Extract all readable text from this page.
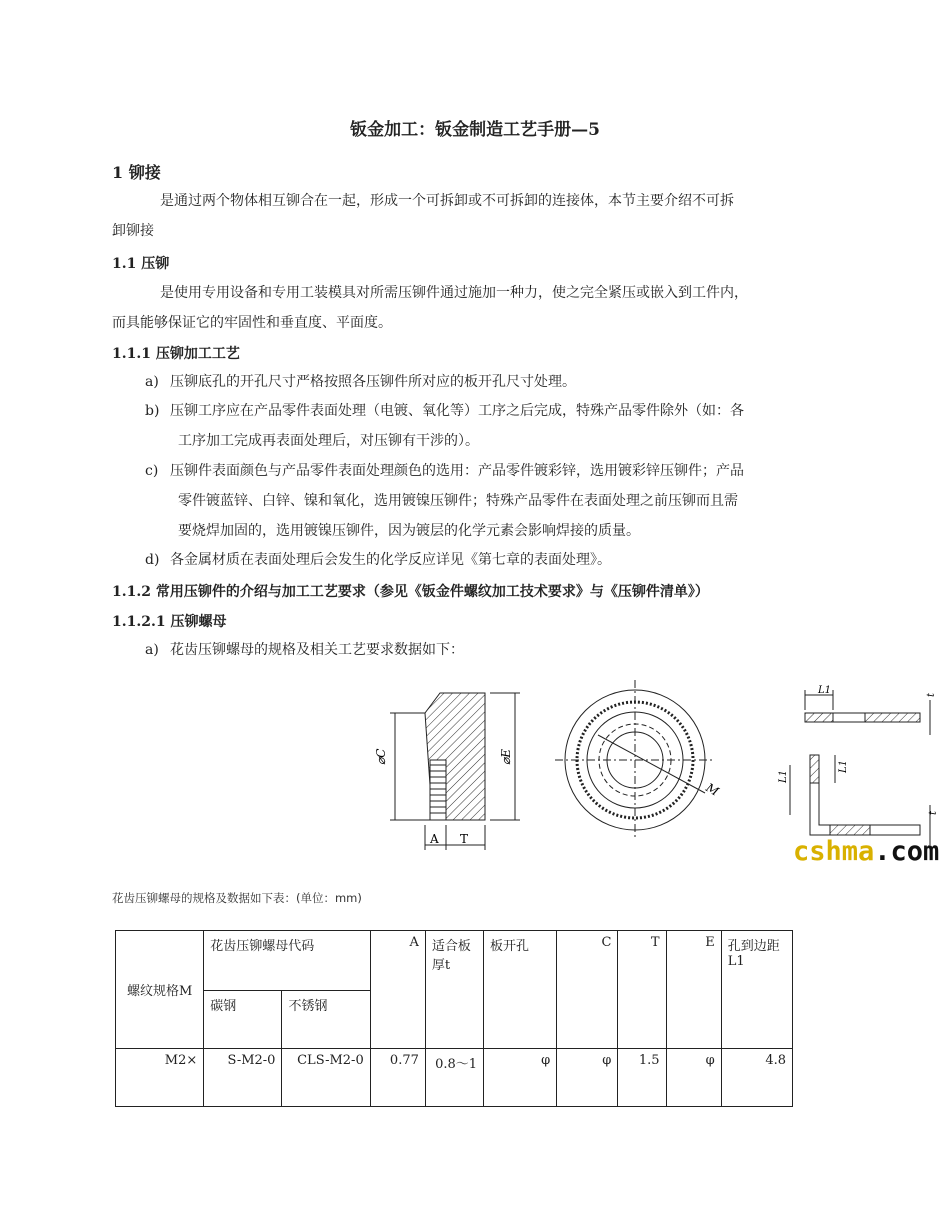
钣金加工：钣金制造工艺手册—5
1 铆接
是通过两个物体相互铆合在一起，形成一个可拆卸或不可拆卸的连接体，本节主要介绍不可拆
卸铆接
1.1 压铆
是使用专用设备和专用工装模具对所需压铆件通过施加一种力，使之完全紧压或嵌入到工件内，
而具能够保证它的牢固性和垂直度、平面度。
1.1.1 压铆加工工艺
a) 压铆底孔的开孔尺寸严格按照各压铆件所对应的板开孔尺寸处理。
b) 压铆工序应在产品零件表面处理（电镀、氧化等）工序之后完成，特殊产品零件除外（如：各
工序加工完成再表面处理后，对压铆有干涉的）。
c) 压铆件表面颜色与产品零件表面处理颜色的选用：产品零件镀彩锌，选用镀彩锌压铆件；产品
零件镀蓝锌、白锌、镍和氧化，选用镀镍压铆件；特殊产品零件在表面处理之前压铆而且需
要烧焊加固的，选用镀镍压铆件，因为镀层的化学元素会影响焊接的质量。
d) 各金属材质在表面处理后会发生的化学反应详见《第七章的表面处理》。
1.1.2 常用压铆件的介绍与加工工艺要求（参见《钣金件螺纹加工技术要求》与《压铆件清单》）
1.1.2.1 压铆螺母
a) 花齿压铆螺母的规格及相关工艺要求数据如下：
⌀C	⌀E
A T
M
L1	t
L1
L1
t
cshma.com
花齿压铆螺母的规格及数据如下表：(单位：mm)
螺纹规格M	花齿压铆螺母代码		A	适合板厚t	板开孔	C	T	E	孔到边距L1
	碳钢	不锈钢							
M2×	S-M2-0	CLS-M2-0	0.77	0.8～1	φ	φ	1.5	φ	4.8
